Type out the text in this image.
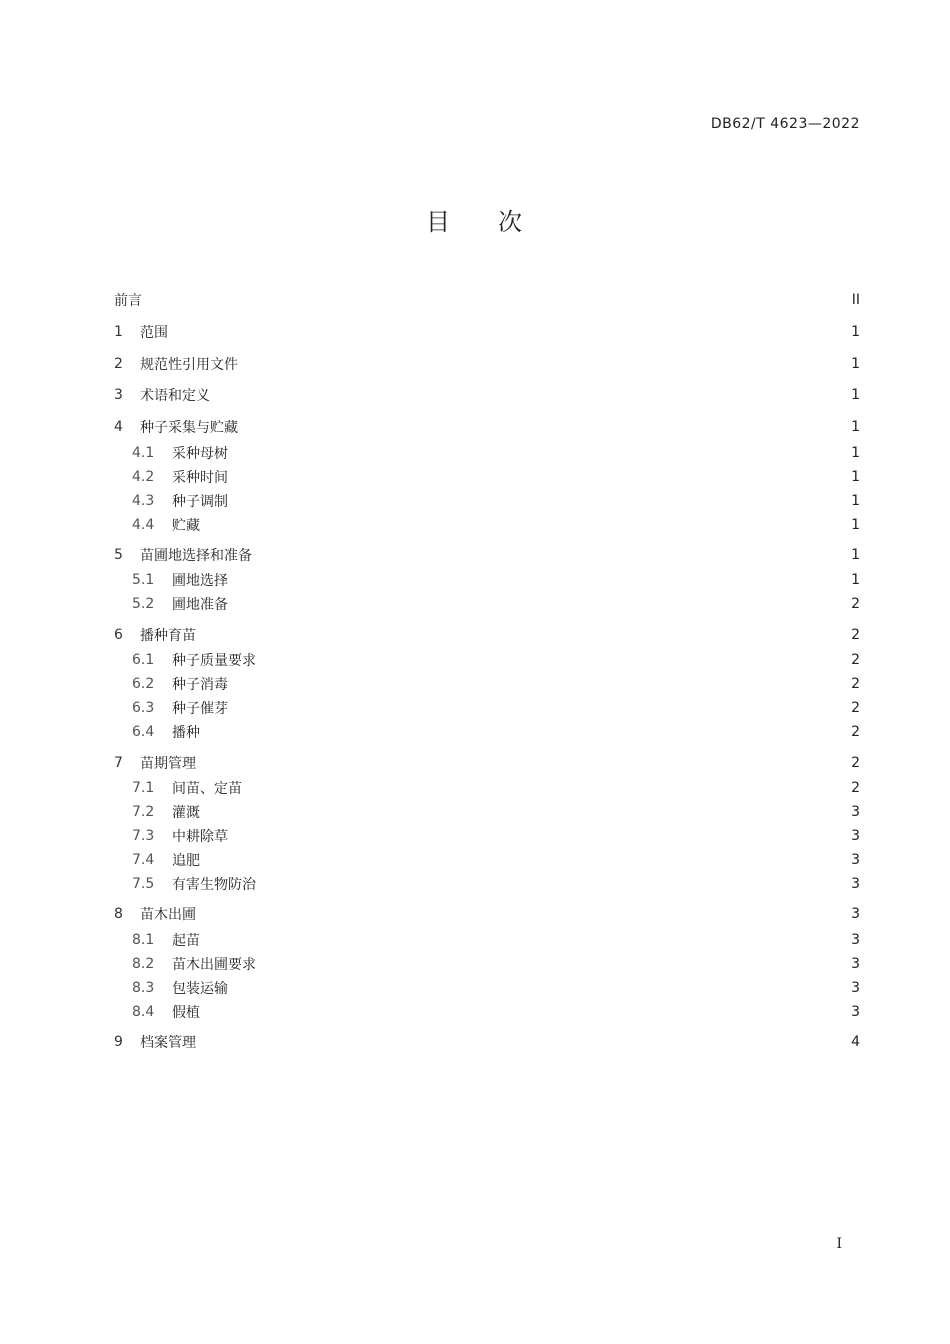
DB62/T 4623—2022
目 次
前言	II
1	范围	1
2	规范性引用文件	1
3	术语和定义	1
4	种子采集与贮藏	1
4.1	采种母树	1
4.2	采种时间	1
4.3	种子调制	1
4.4	贮藏	1
5	苗圃地选择和准备	1
5.1	圃地选择	1
5.2	圃地准备	2
6	播种育苗	2
6.1	种子质量要求	2
6.2	种子消毒	2
6.3	种子催芽	2
6.4	播种	2
7	苗期管理	2
7.1	间苗、定苗	2
7.2	灌溉	3
7.3	中耕除草	3
7.4	追肥	3
7.5	有害生物防治	3
8	苗木出圃	3
8.1	起苗	3
8.2	苗木出圃要求	3
8.3	包装运输	3
8.4	假植	3
9	档案管理	4
I
